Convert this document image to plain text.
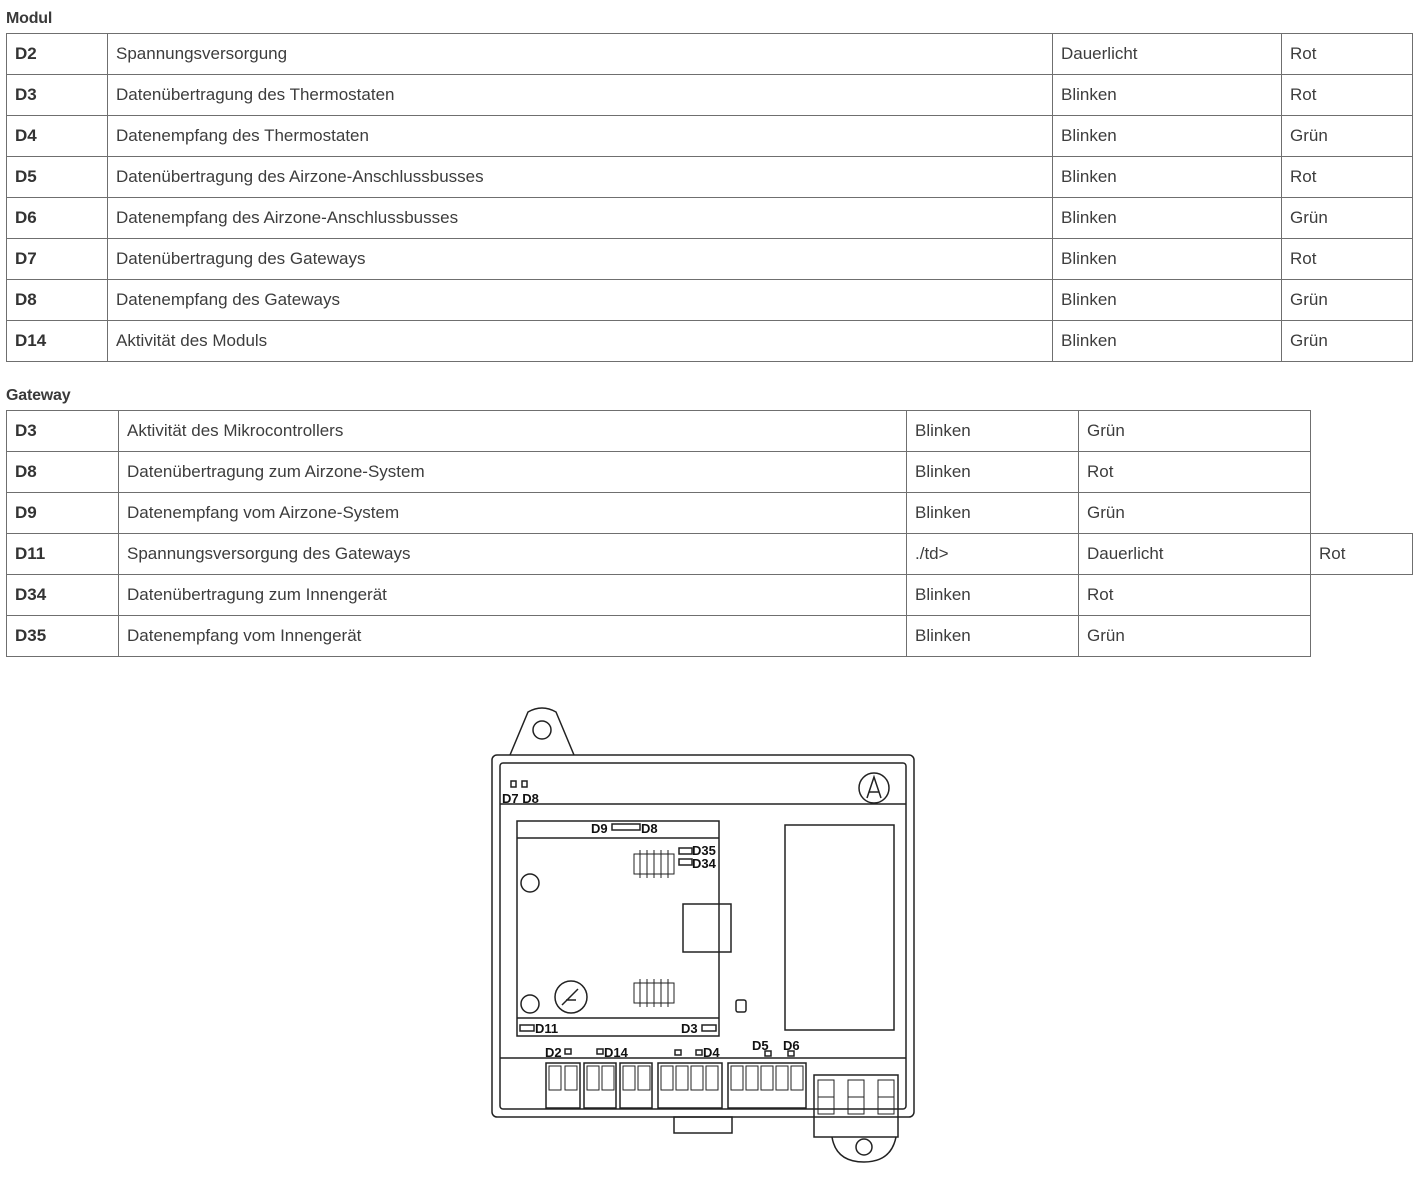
Modul
D2	Spannungsversorgung	Dauerlicht	Rot
D3	Datenübertragung des Thermostaten	Blinken	Rot
D4	Datenempfang des Thermostaten	Blinken	Grün
D5	Datenübertragung des Airzone-Anschlussbusses	Blinken	Rot
D6	Datenempfang des Airzone-Anschlussbusses	Blinken	Grün
D7	Datenübertragung des Gateways	Blinken	Rot
D8	Datenempfang des Gateways	Blinken	Grün
D14	Aktivität des Moduls	Blinken	Grün
Gateway
D3	Aktivität des Mikrocontrollers	Blinken	Grün	
D8	Datenübertragung zum Airzone-System	Blinken	Rot	
D9	Datenempfang vom Airzone-System	Blinken	Grün	
D11	Spannungsversorgung des Gateways	./td>	Dauerlicht	Rot
D34	Datenübertragung zum Innengerät	Blinken	Rot	
D35	Datenempfang vom Innengerät	Blinken	Grün	
D7 D8
D9	D8
D35
D34
D11	D3
D2	D14	D4 D5 D6
